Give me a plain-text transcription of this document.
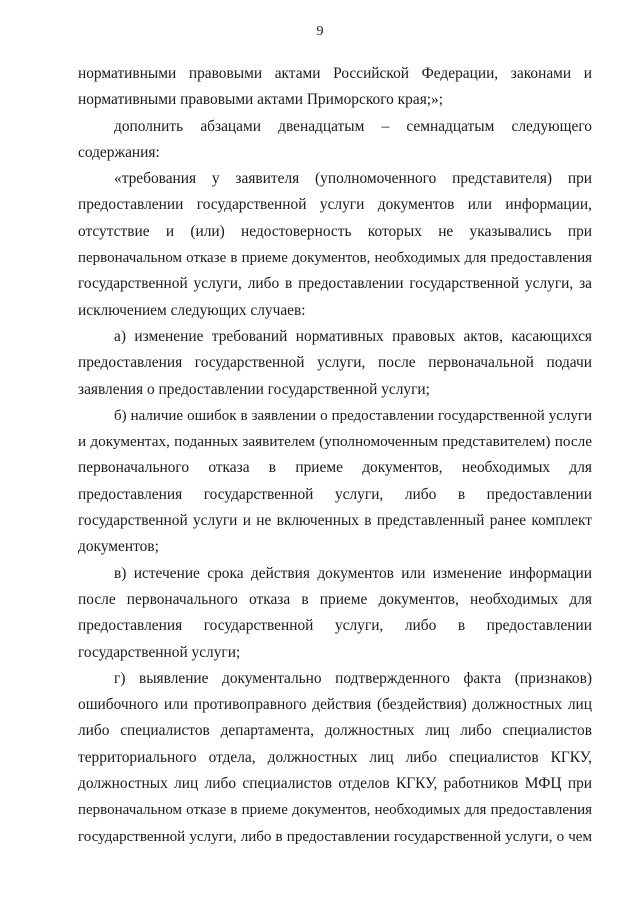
9
нормативными правовыми актами Российской Федерации, законами и
нормативными правовыми актами Приморского края;»;
дополнить абзацами двенадцатым – семнадцатым следующего
содержания:
«требования у заявителя (уполномоченного представителя) при
предоставлении государственной услуги документов или информации,
отсутствие и (или) недостоверность которых не указывались при
первоначальном отказе в приеме документов, необходимых для предоставления
государственной услуги, либо в предоставлении государственной услуги, за
исключением следующих случаев:
а) изменение требований нормативных правовых актов, касающихся
предоставления государственной услуги, после первоначальной подачи
заявления о предоставлении государственной услуги;
б) наличие ошибок в заявлении о предоставлении государственной услуги
и документах, поданных заявителем (уполномоченным представителем) после
первоначального отказа в приеме документов, необходимых для
предоставления государственной услуги, либо в предоставлении
государственной услуги и не включенных в представленный ранее комплект
документов;
в) истечение срока действия документов или изменение информации
после первоначального отказа в приеме документов, необходимых для
предоставления государственной услуги, либо в предоставлении
государственной услуги;
г) выявление документально подтвержденного факта (признаков)
ошибочного или противоправного действия (бездействия) должностных лиц
либо специалистов департамента, должностных лиц либо специалистов
территориального отдела, должностных лиц либо специалистов КГКУ,
должностных лиц либо специалистов отделов КГКУ, работников МФЦ при
первоначальном отказе в приеме документов, необходимых для предоставления
государственной услуги, либо в предоставлении государственной услуги, о чем
